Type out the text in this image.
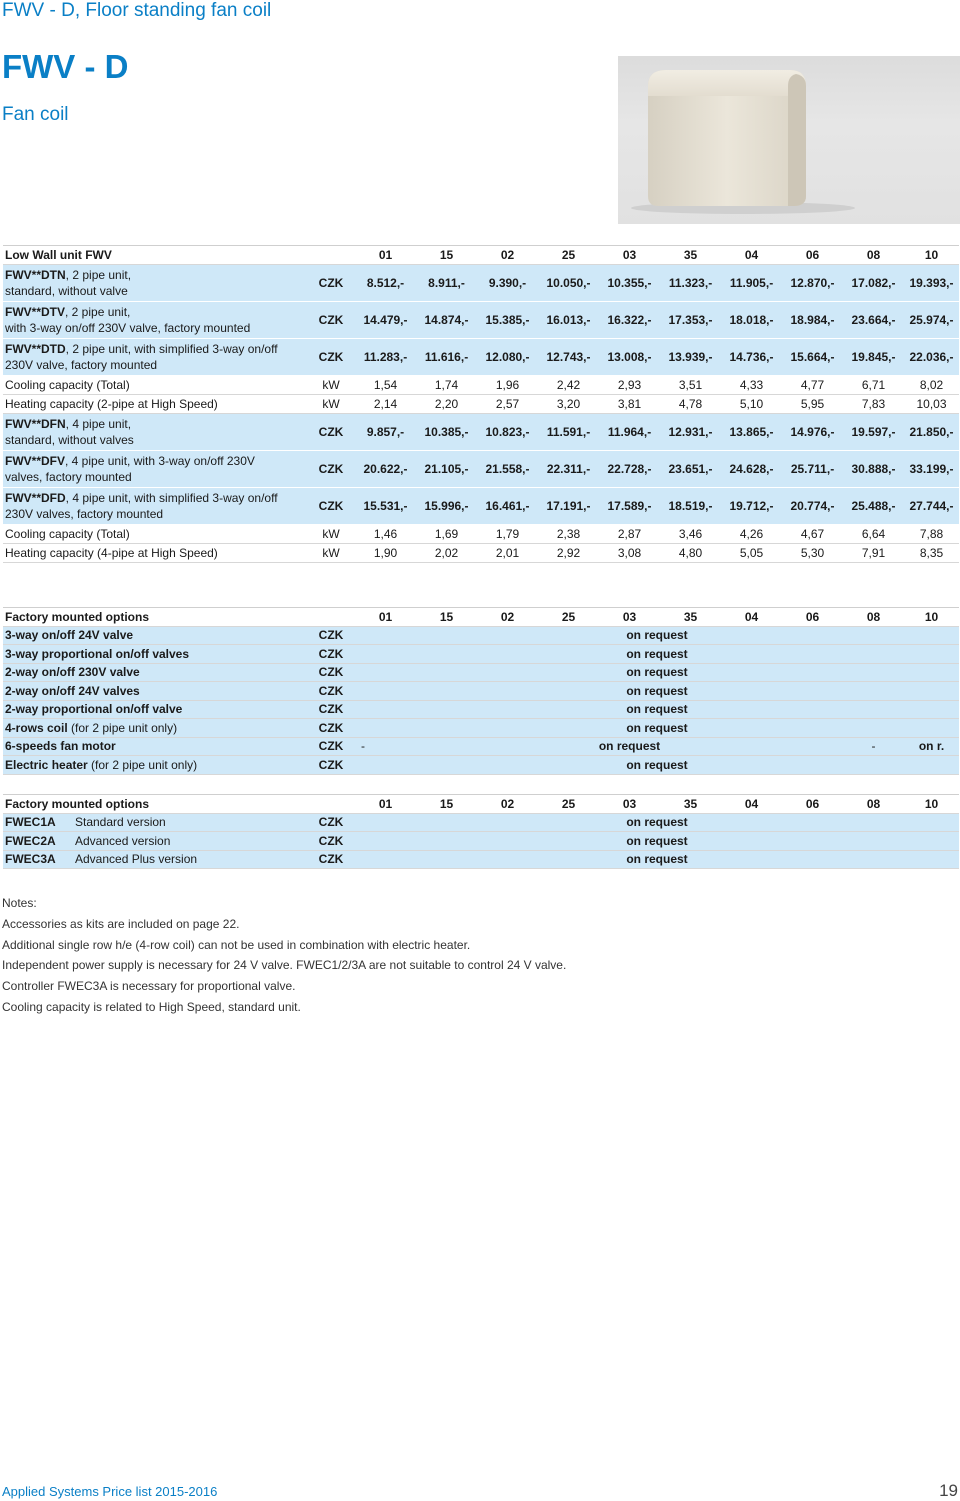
FWV - D, Floor standing fan coil
FWV - D
Fan coil
Low Wall unit FWV		01	15	02	25	03	35	04	06	08	10
FWV**DTN, 2 pipe unit,
standard, without valve	CZK	8.512,-	8.911,-	9.390,-	10.050,-	10.355,-	11.323,-	11.905,-	12.870,-	17.082,-	19.393,-
FWV**DTV, 2 pipe unit,
with 3-way on/off 230V valve, factory mounted	CZK	14.479,-	14.874,-	15.385,-	16.013,-	16.322,-	17.353,-	18.018,-	18.984,-	23.664,-	25.974,-
FWV**DTD, 2 pipe unit, with simplified 3-way on/off
230V valve, factory mounted	CZK	11.283,-	11.616,-	12.080,-	12.743,-	13.008,-	13.939,-	14.736,-	15.664,-	19.845,-	22.036,-
Cooling capacity (Total)	kW	1,54	1,74	1,96	2,42	2,93	3,51	4,33	4,77	6,71	8,02
Heating capacity (2-pipe at High Speed)	kW	2,14	2,20	2,57	3,20	3,81	4,78	5,10	5,95	7,83	10,03
FWV**DFN, 4 pipe unit,
standard, without valves	CZK	9.857,-	10.385,-	10.823,-	11.591,-	11.964,-	12.931,-	13.865,-	14.976,-	19.597,-	21.850,-
FWV**DFV, 4 pipe unit, with 3-way on/off 230V
valves, factory mounted	CZK	20.622,-	21.105,-	21.558,-	22.311,-	22.728,-	23.651,-	24.628,-	25.711,-	30.888,-	33.199,-
FWV**DFD, 4 pipe unit, with simplified 3-way on/off
230V valves, factory mounted	CZK	15.531,-	15.996,-	16.461,-	17.191,-	17.589,-	18.519,-	19.712,-	20.774,-	25.488,-	27.744,-
Cooling capacity (Total)	kW	1,46	1,69	1,79	2,38	2,87	3,46	4,26	4,67	6,64	7,88
Heating capacity (4-pipe at High Speed)	kW	1,90	2,02	2,01	2,92	3,08	4,80	5,05	5,30	7,91	8,35
Factory mounted options		01	15	02	25	03	35	04	06	08	10
3-way on/off 24V valve	CZK	on request									
3-way proportional on/off valves	CZK	on request									
2-way on/off 230V valve	CZK	on request									
2-way on/off 24V valves	CZK	on request									
2-way proportional on/off valve	CZK	on request									
4-rows coil (for 2 pipe unit only)	CZK	on request									
6-speeds fan motor	CZK	-	on request							-	on r.
Electric heater (for 2 pipe unit only)	CZK	on request									
Factory mounted options			01	15	02	25	03	35	04	06	08	10
FWEC1A	Standard version	CZK	on request									
FWEC2A	Advanced version	CZK	on request									
FWEC3A	Advanced Plus version	CZK	on request									
Notes:
Accessories as kits are included on page 22.
Additional single row h/e (4-row coil) can not be used in combination with electric heater.
Independent power supply is necessary for 24 V valve. FWEC1/2/3A are not suitable to control 24 V valve.
Controller FWEC3A is necessary for proportional valve.
Cooling capacity is related to High Speed, standard unit.
Applied Systems Price list 2015-2016	19
